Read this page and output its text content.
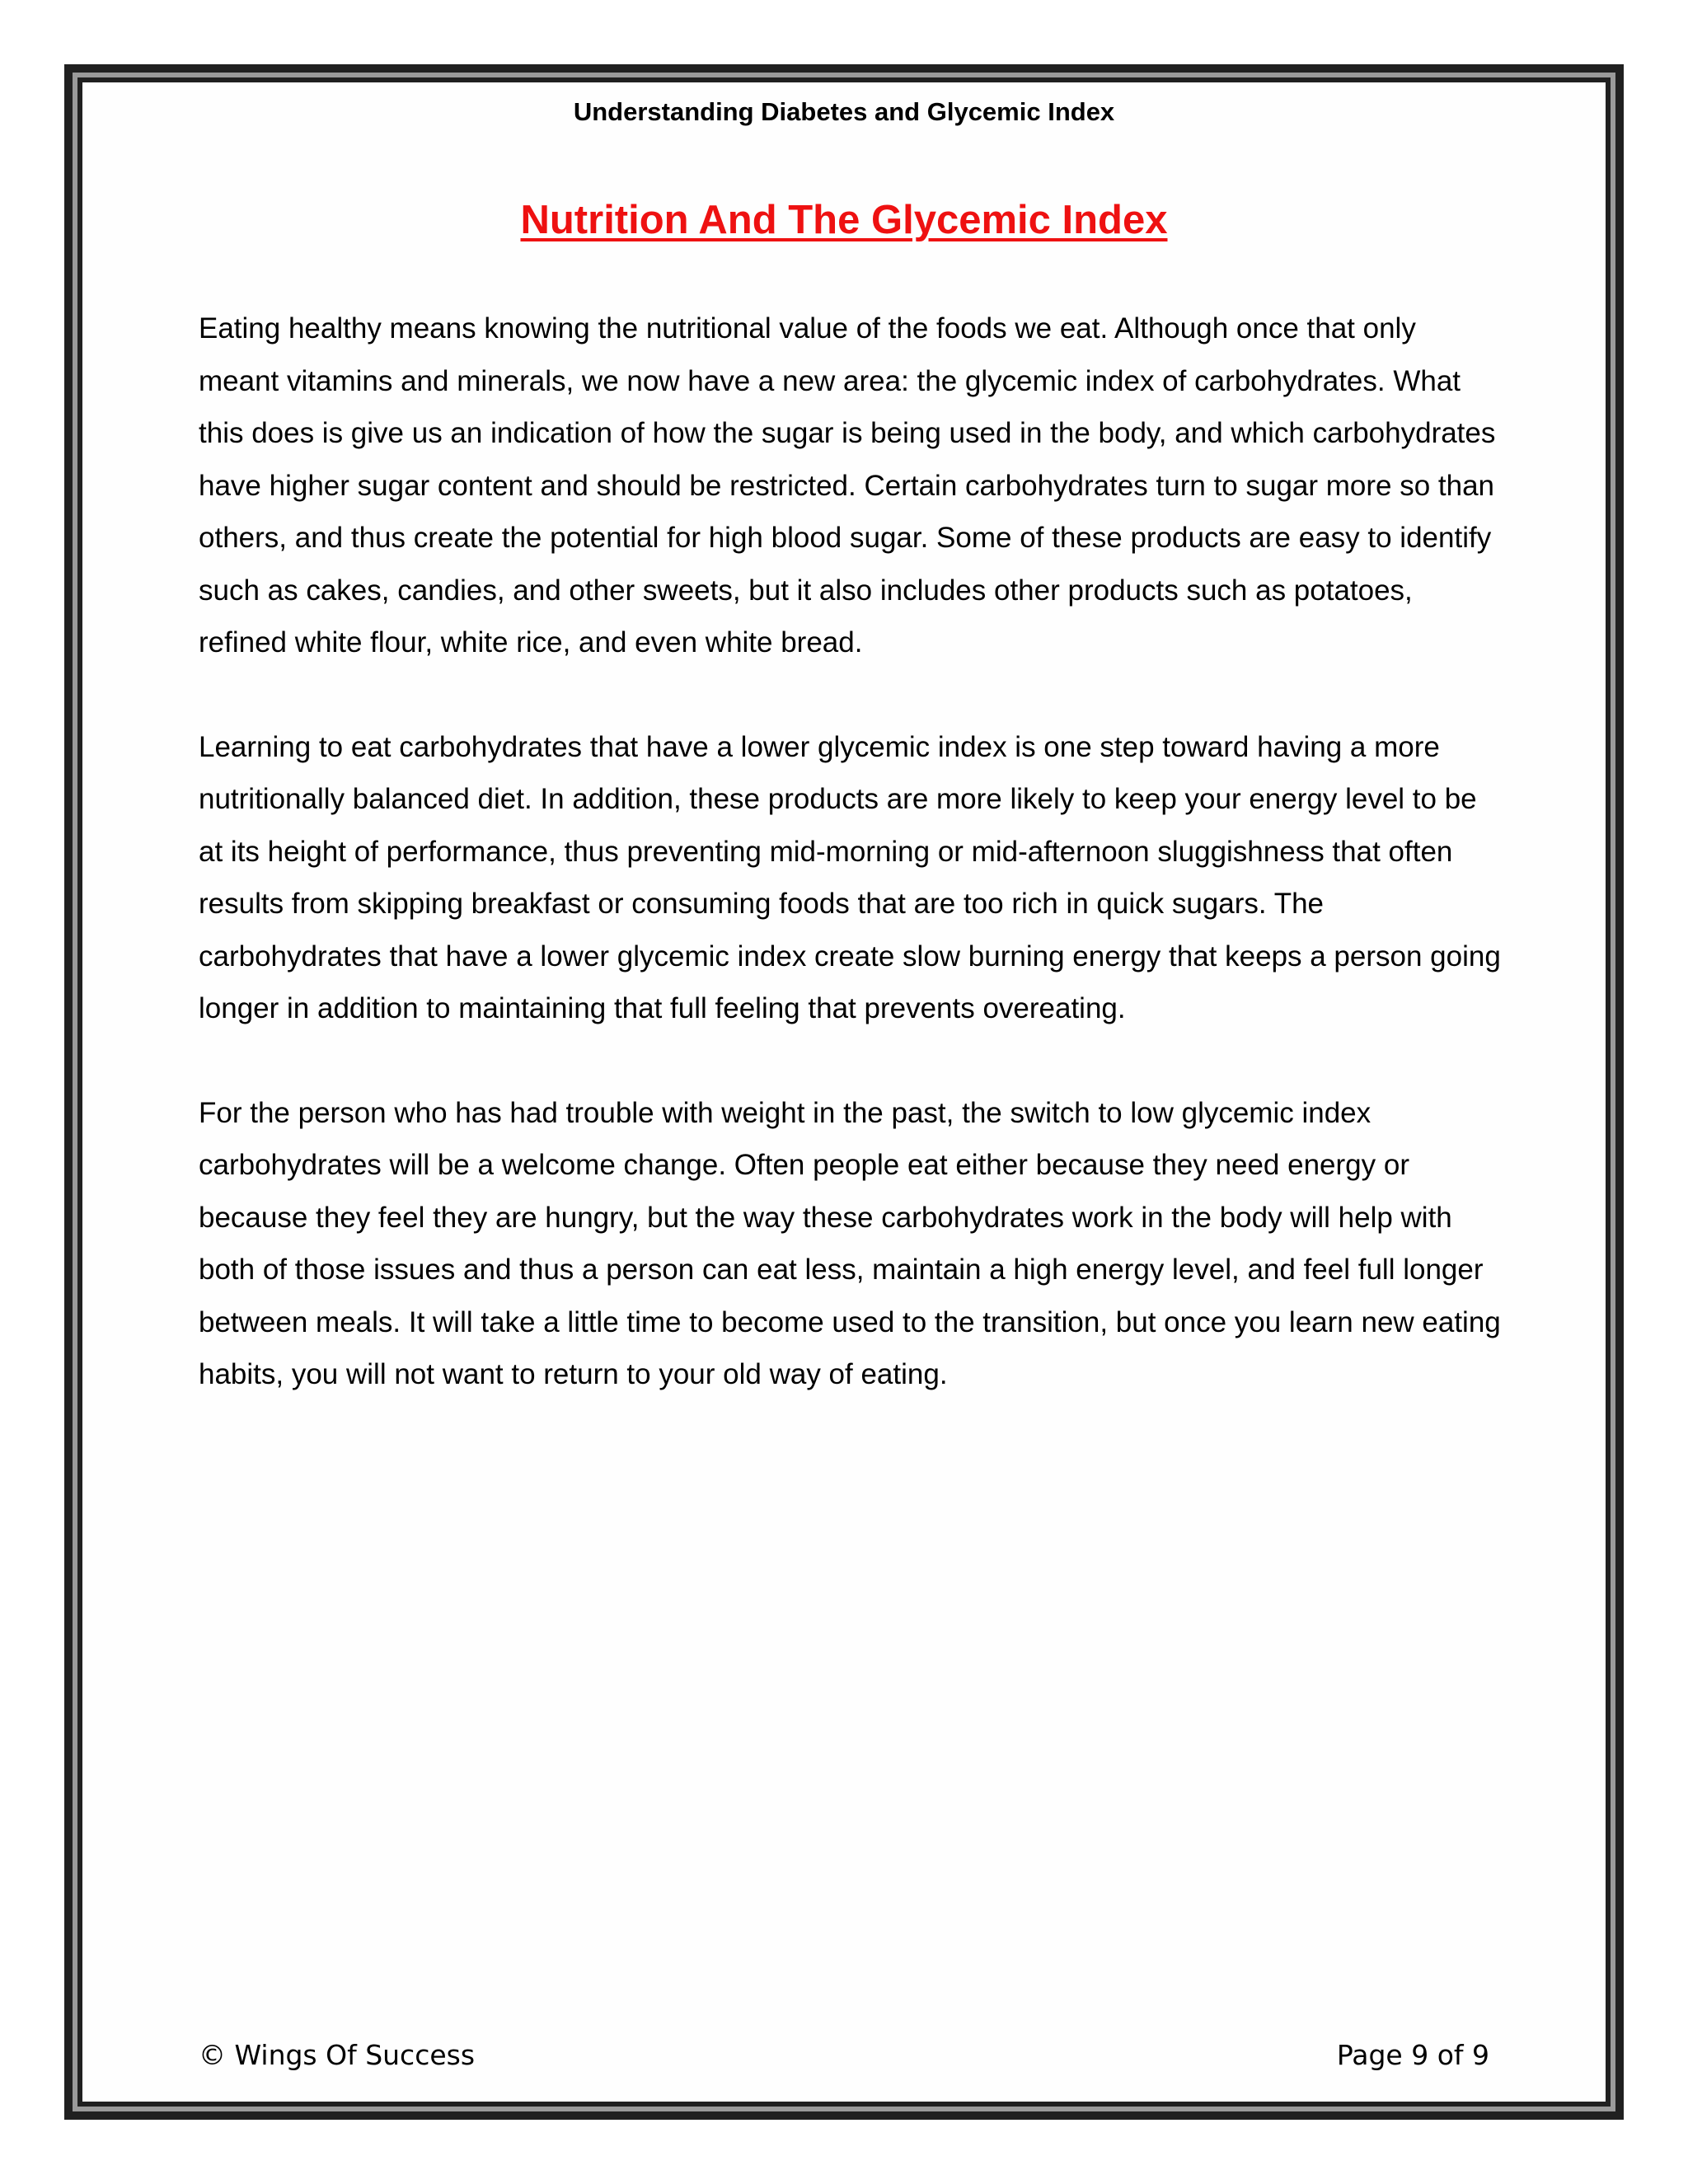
Understanding Diabetes and Glycemic Index
Nutrition And The Glycemic Index

Eating healthy means knowing the nutritional value of the foods we eat. Although once that only meant vitamins and minerals, we now have a new area: the glycemic index of carbohydrates. What this does is give us an indication of how the sugar is being used in the body, and which carbohydrates have higher sugar content and should be restricted. Certain carbohydrates turn to sugar more so than others, and thus create the potential for high blood sugar. Some of these products are easy to identify such as cakes, candies, and other sweets, but it also includes other products such as potatoes, refined white flour, white rice, and even white bread.

Learning to eat carbohydrates that have a lower glycemic index is one step toward having a more nutritionally balanced diet. In addition, these products are more likely to keep your energy level to be at its height of performance, thus preventing mid-morning or mid-afternoon sluggishness that often results from skipping breakfast or consuming foods that are too rich in quick sugars. The carbohydrates that have a lower glycemic index create slow burning energy that keeps a person going longer in addition to maintaining that full feeling that prevents overeating.

For the person who has had trouble with weight in the past, the switch to low glycemic index carbohydrates will be a welcome change. Often people eat either because they need energy or because they feel they are hungry, but the way these carbohydrates work in the body will help with both of those issues and thus a person can eat less, maintain a high energy level, and feel full longer between meals. It will take a little time to become used to the transition, but once you learn new eating habits, you will not want to return to your old way of eating.

© Wings Of Success	Page 9 of 9
